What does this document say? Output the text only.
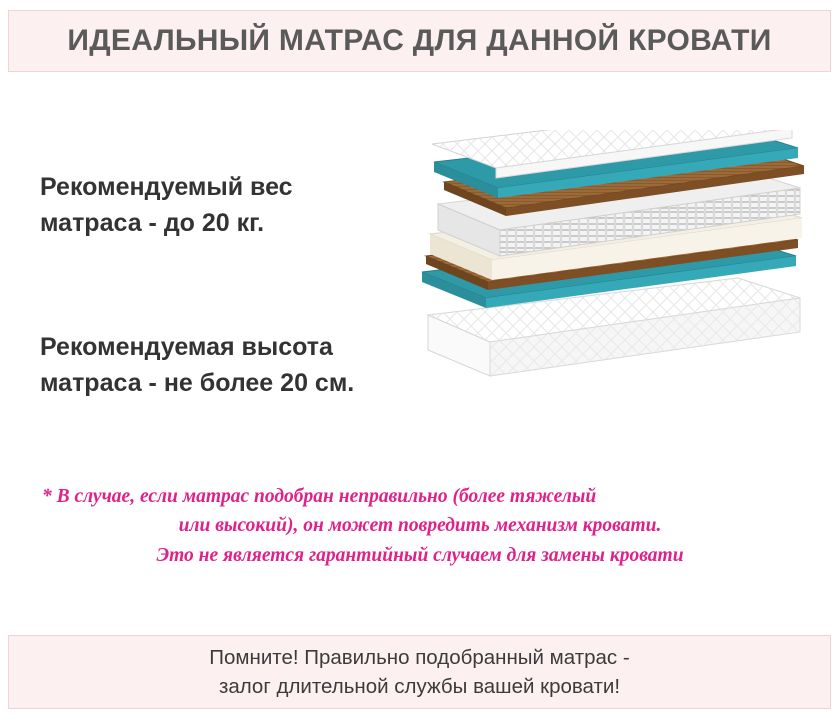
ИДЕАЛЬНЫЙ МАТРАС ДЛЯ ДАННОЙ КРОВАТИ
Рекомендуемый вес матраса - до 20 кг.
Рекомендуемая высота матраса - не более 20 см.
* В случае, если матрас подобран неправильно (более тяжелый
или высокий), он может повредить механизм кровати.
Это не является гарантийный случаем для замены кровати
Помните! Правильно подобранный матрас -
залог длительной службы вашей кровати!
